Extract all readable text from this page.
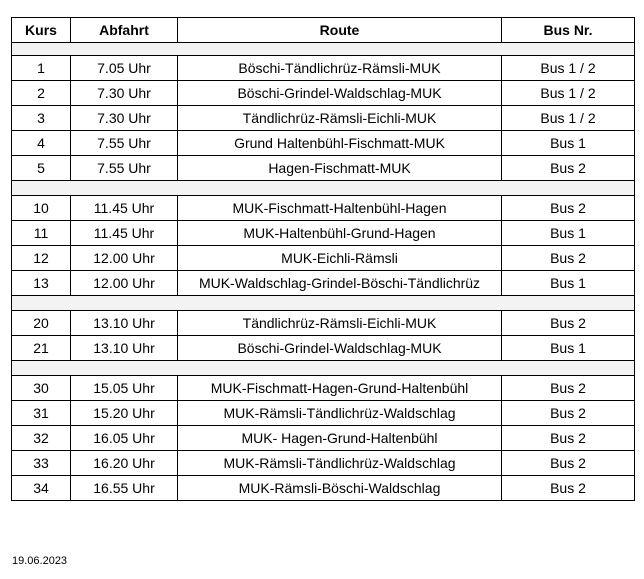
Kurs	Abfahrt	Route	Bus Nr.

1	7.05 Uhr	Böschi-Tändlichrüz-Rämsli-MUK	Bus 1 / 2
2	7.30 Uhr	Böschi-Grindel-Waldschlag-MUK	Bus 1 / 2
3	7.30 Uhr	Tändlichrüz-Rämsli-Eichli-MUK	Bus 1 / 2
4	7.55 Uhr	Grund Haltenbühl-Fischmatt-MUK	Bus 1
5	7.55 Uhr	Hagen-Fischmatt-MUK	Bus 2

10	11.45 Uhr	MUK-Fischmatt-Haltenbühl-Hagen	Bus 2
11	11.45 Uhr	MUK-Haltenbühl-Grund-Hagen	Bus 1
12	12.00 Uhr	MUK-Eichli-Rämsli	Bus 2
13	12.00 Uhr	MUK-Waldschlag-Grindel-Böschi-Tändlichrüz	Bus 1

20	13.10 Uhr	Tändlichrüz-Rämsli-Eichli-MUK	Bus 2
21	13.10 Uhr	Böschi-Grindel-Waldschlag-MUK	Bus 1

30	15.05 Uhr	MUK-Fischmatt-Hagen-Grund-Haltenbühl	Bus 2
31	15.20 Uhr	MUK-Rämsli-Tändlichrüz-Waldschlag	Bus 2
32	16.05 Uhr	MUK- Hagen-Grund-Haltenbühl	Bus 2
33	16.20 Uhr	MUK-Rämsli-Tändlichrüz-Waldschlag	Bus 2
34	16.55 Uhr	MUK-Rämsli-Böschi-Waldschlag	Bus 2
19.06.2023
